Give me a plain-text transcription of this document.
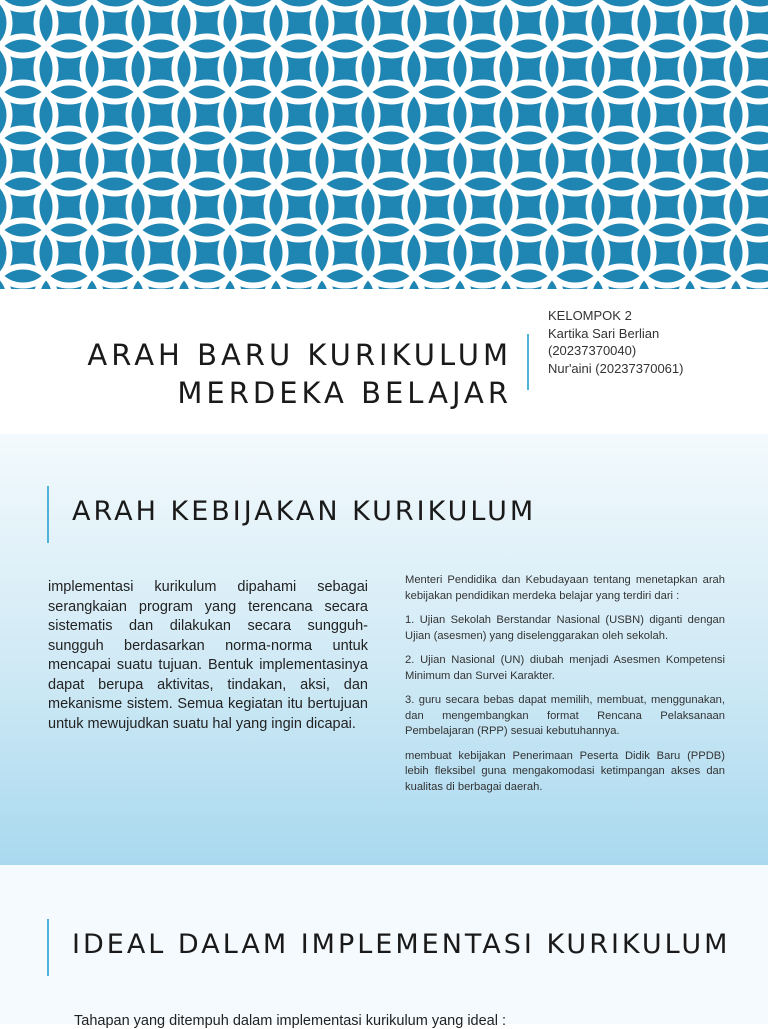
ARAH BARU KURIKULUM MERDEKA BELAJAR
KELOMPOK 2
Kartika Sari Berlian
(20237370040)
Nur'aini (20237370061)
ARAH KEBIJAKAN KURIKULUM
implementasi kurikulum dipahami sebagai serangkaian program yang terencana secara sistematis dan dilakukan secara sungguh-sungguh berdasarkan norma-norma untuk mencapai suatu tujuan. Bentuk implementasinya dapat berupa aktivitas, tindakan, aksi, dan mekanisme sistem. Semua kegiatan itu bertujuan untuk mewujudkan suatu hal yang ingin dicapai.

Menteri Pendidika dan Kebudayaan tentang menetapkan arah kebijakan pendidikan merdeka belajar yang terdiri dari :

1. Ujian Sekolah Berstandar Nasional (USBN) diganti dengan Ujian (asesmen) yang diselenggarakan oleh sekolah.

2. Ujian Nasional (UN) diubah menjadi Asesmen Kompetensi Minimum dan Survei Karakter.

3. guru secara bebas dapat memilih, membuat, menggunakan, dan mengembangkan format Rencana Pelaksanaan Pembelajaran (RPP) sesuai kebutuhannya.

membuat kebijakan Penerimaan Peserta Didik Baru (PPDB) lebih fleksibel guna mengakomodasi ketimpangan akses dan kualitas di berbagai daerah.

IDEAL DALAM IMPLEMENTASI KURIKULUM
Tahapan yang ditempuh dalam implementasi kurikulum yang ideal :
